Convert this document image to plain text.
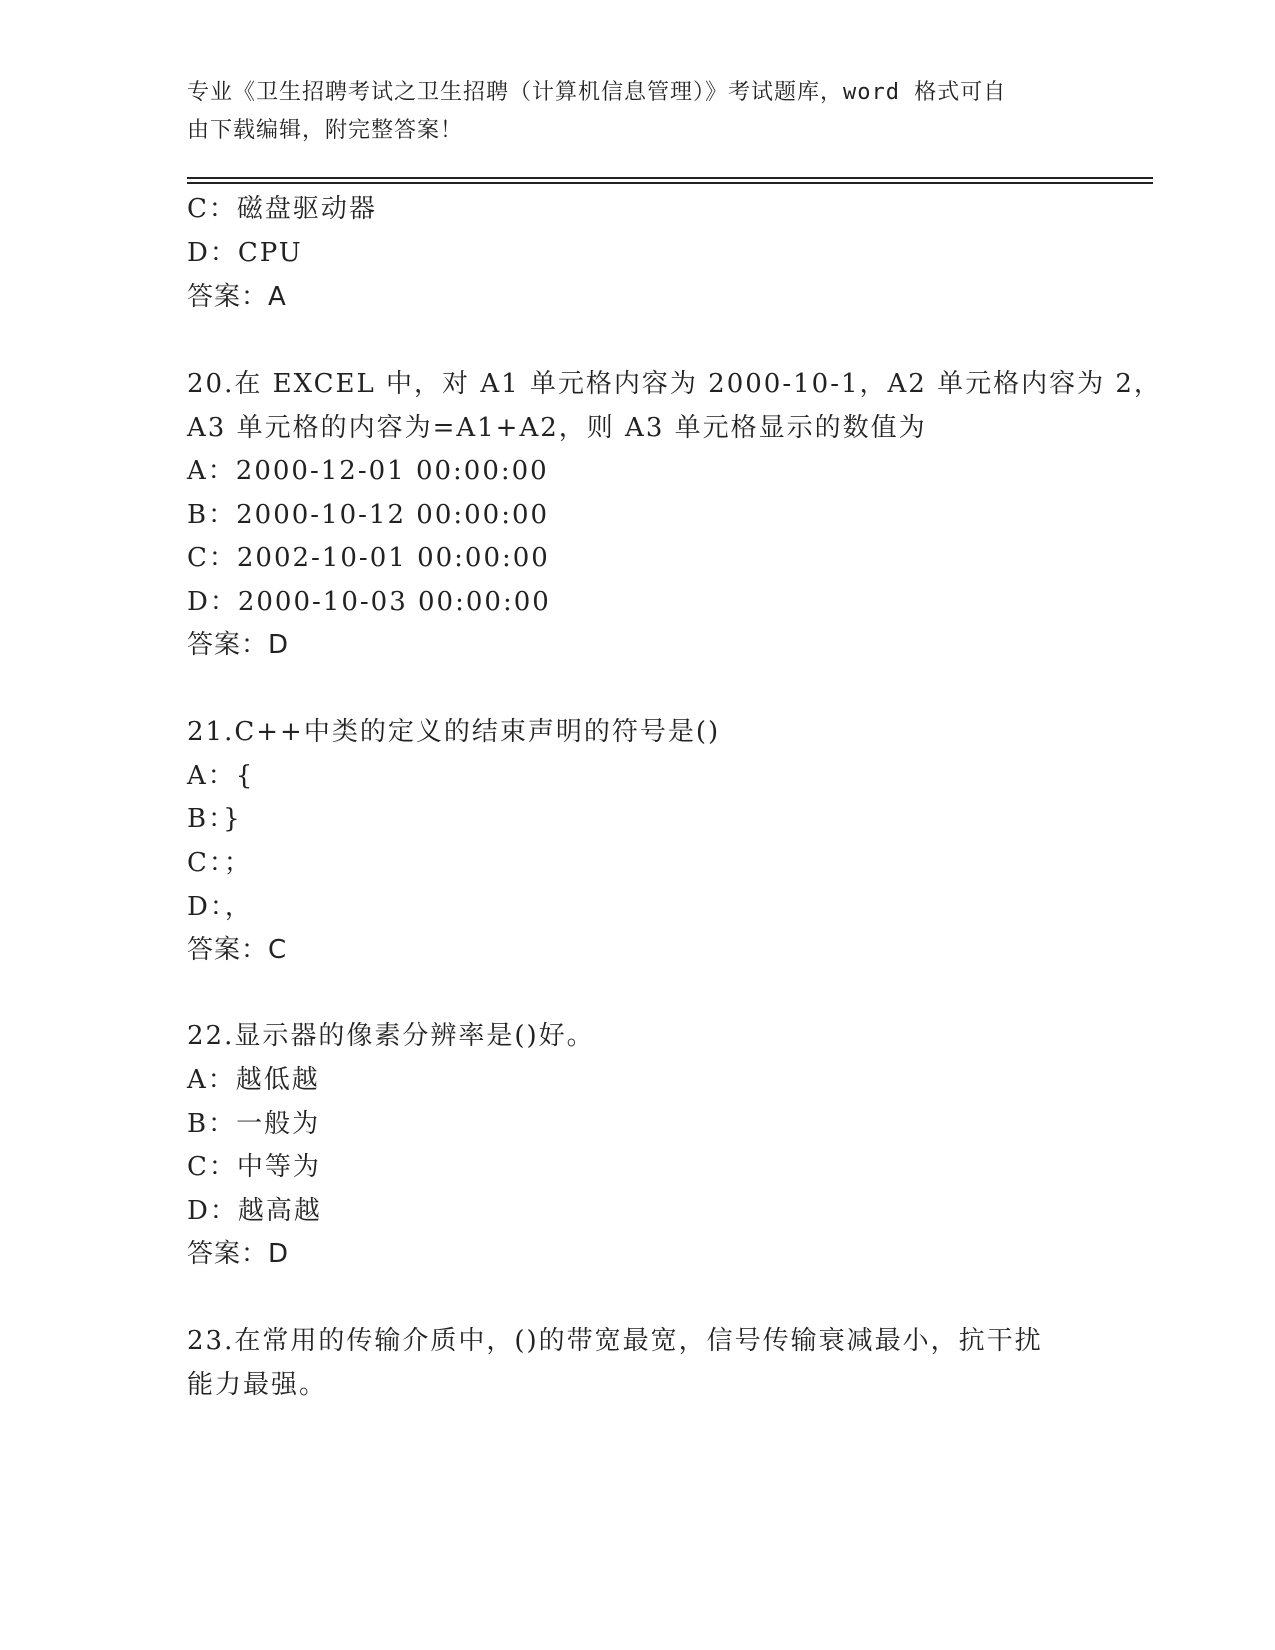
专业《卫生招聘考试之卫生招聘（计算机信息管理）》考试题库，word 格式可自
由下载编辑，附完整答案！
C：磁盘驱动器
D：CPU
答案：A
20.在 EXCEL 中，对 A1 单元格内容为 2000-10-1，A2 单元格内容为 2，
A3 单元格的内容为=A1+A2，则 A3 单元格显示的数值为
A：2000-12-01 00:00:00
B：2000-10-12 00:00:00
C：2002-10-01 00:00:00
D：2000-10-03 00:00:00
答案：D
21.C++中类的定义的结束声明的符号是()
A：{
B：}
C：；
D：，
答案：C
22.显示器的像素分辨率是()好。
A：越低越
B：一般为
C：中等为
D：越高越
答案：D
23.在常用的传输介质中，()的带宽最宽，信号传输衰减最小，抗干扰
能力最强。
